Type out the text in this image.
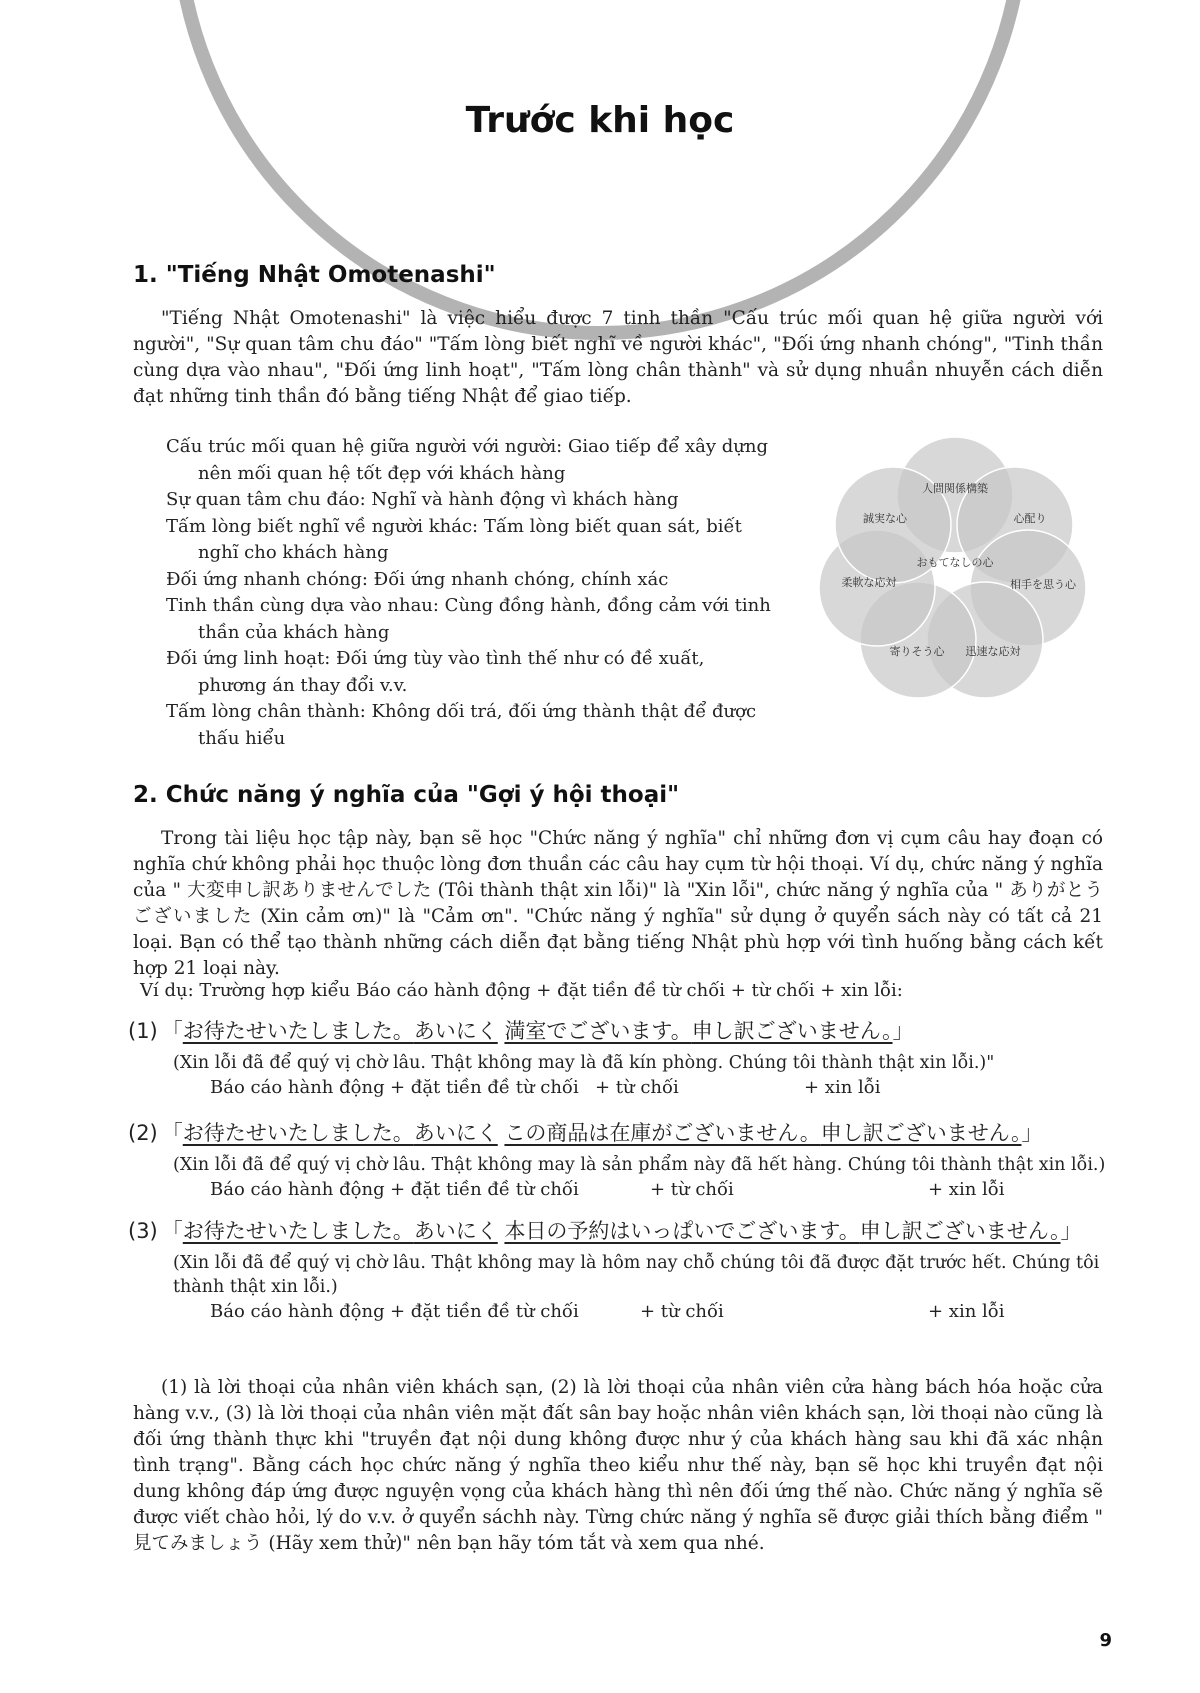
Trước khi học
1. "Tiếng Nhật Omotenashi"

"Tiếng Nhật Omotenashi" là việc hiểu được 7 tinh thần "Cấu trúc mối quan hệ giữa người với người", "Sự quan tâm chu đáo" "Tấm lòng biết nghĩ về người khác", "Đối ứng nhanh chóng", "Tinh thần cùng dựa vào nhau", "Đối ứng linh hoạt", "Tấm lòng chân thành" và sử dụng nhuần nhuyễn cách diễn đạt những tinh thần đó bằng tiếng Nhật để giao tiếp.

Cấu trúc mối quan hệ giữa người với người: Giao tiếp để xây dựng nên mối quan hệ tốt đẹp với khách hàng
Sự quan tâm chu đáo: Nghĩ và hành động vì khách hàng
Tấm lòng biết nghĩ về người khác: Tấm lòng biết quan sát, biết nghĩ cho khách hàng
Đối ứng nhanh chóng: Đối ứng nhanh chóng, chính xác
Tinh thần cùng dựa vào nhau: Cùng đồng hành, đồng cảm với tinh thần của khách hàng
Đối ứng linh hoạt: Đối ứng tùy vào tình thế như có đề xuất, phương án thay đổi v.v.
Tấm lòng chân thành: Không dối trá, đối ứng thành thật để được thấu hiểu
人間関係構築
心配り
相手を思う心
迅速な応対
寄りそう心
柔軟な応対
誠実な心
おもてなしの心
2. Chức năng ý nghĩa của "Gợi ý hội thoại"

Trong tài liệu học tập này, bạn sẽ học "Chức năng ý nghĩa" chỉ những đơn vị cụm câu hay đoạn có nghĩa chứ không phải học thuộc lòng đơn thuần các câu hay cụm từ hội thoại. Ví dụ, chức năng ý nghĩa của " 大変申し訳ありませんでした (Tôi thành thật xin lỗi)" là "Xin lỗi", chức năng ý nghĩa của " ありがとうございました (Xin cảm ơn)" là "Cảm ơn". "Chức năng ý nghĩa" sử dụng ở quyển sách này có tất cả 21 loại. Bạn có thể tạo thành những cách diễn đạt bằng tiếng Nhật phù hợp với tình huống bằng cách kết hợp 21 loại này.

Ví dụ: Trường hợp kiểu Báo cáo hành động + đặt tiền đề từ chối + từ chối + xin lỗi:
(1) 「お待たせいたしました。あいにく 満室でございます。申し訳ございません。」
(Xin lỗi đã để quý vị chờ lâu. Thật không may là đã kín phòng. Chúng tôi thành thật xin lỗi.)"
Báo cáo hành động + đặt tiền đề từ chối + từ chối	+ xin lỗi
(2) 「お待たせいたしました。あいにく この商品は在庫がございません。申し訳ございません。」
(Xin lỗi đã để quý vị chờ lâu. Thật không may là sản phẩm này đã hết hàng. Chúng tôi thành thật xin lỗi.)
Báo cáo hành động + đặt tiền đề từ chối	+ từ chối	+ xin lỗi
(3) 「お待たせいたしました。あいにく 本日の予約はいっぱいでございます。申し訳ございません。」
(Xin lỗi đã để quý vị chờ lâu. Thật không may là hôm nay chỗ chúng tôi đã được đặt trước hết. Chúng tôi thành thật xin lỗi.)
Báo cáo hành động + đặt tiền đề từ chối	+ từ chối	+ xin lỗi

(1) là lời thoại của nhân viên khách sạn, (2) là lời thoại của nhân viên cửa hàng bách hóa hoặc cửa hàng v.v., (3) là lời thoại của nhân viên mặt đất sân bay hoặc nhân viên khách sạn, lời thoại nào cũng là đối ứng thành thực khi "truyền đạt nội dung không được như ý của khách hàng sau khi đã xác nhận tình trạng". Bằng cách học chức năng ý nghĩa theo kiểu như thế này, bạn sẽ học khi truyền đạt nội dung không đáp ứng được nguyện vọng của khách hàng thì nên đối ứng thế nào. Chức năng ý nghĩa sẽ được viết chào hỏi, lý do v.v. ở quyển sáchh này. Từng chức năng ý nghĩa sẽ được giải thích bằng điểm " 見てみましょう (Hãy xem thử)" nên bạn hãy tóm tắt và xem qua nhé.

9
